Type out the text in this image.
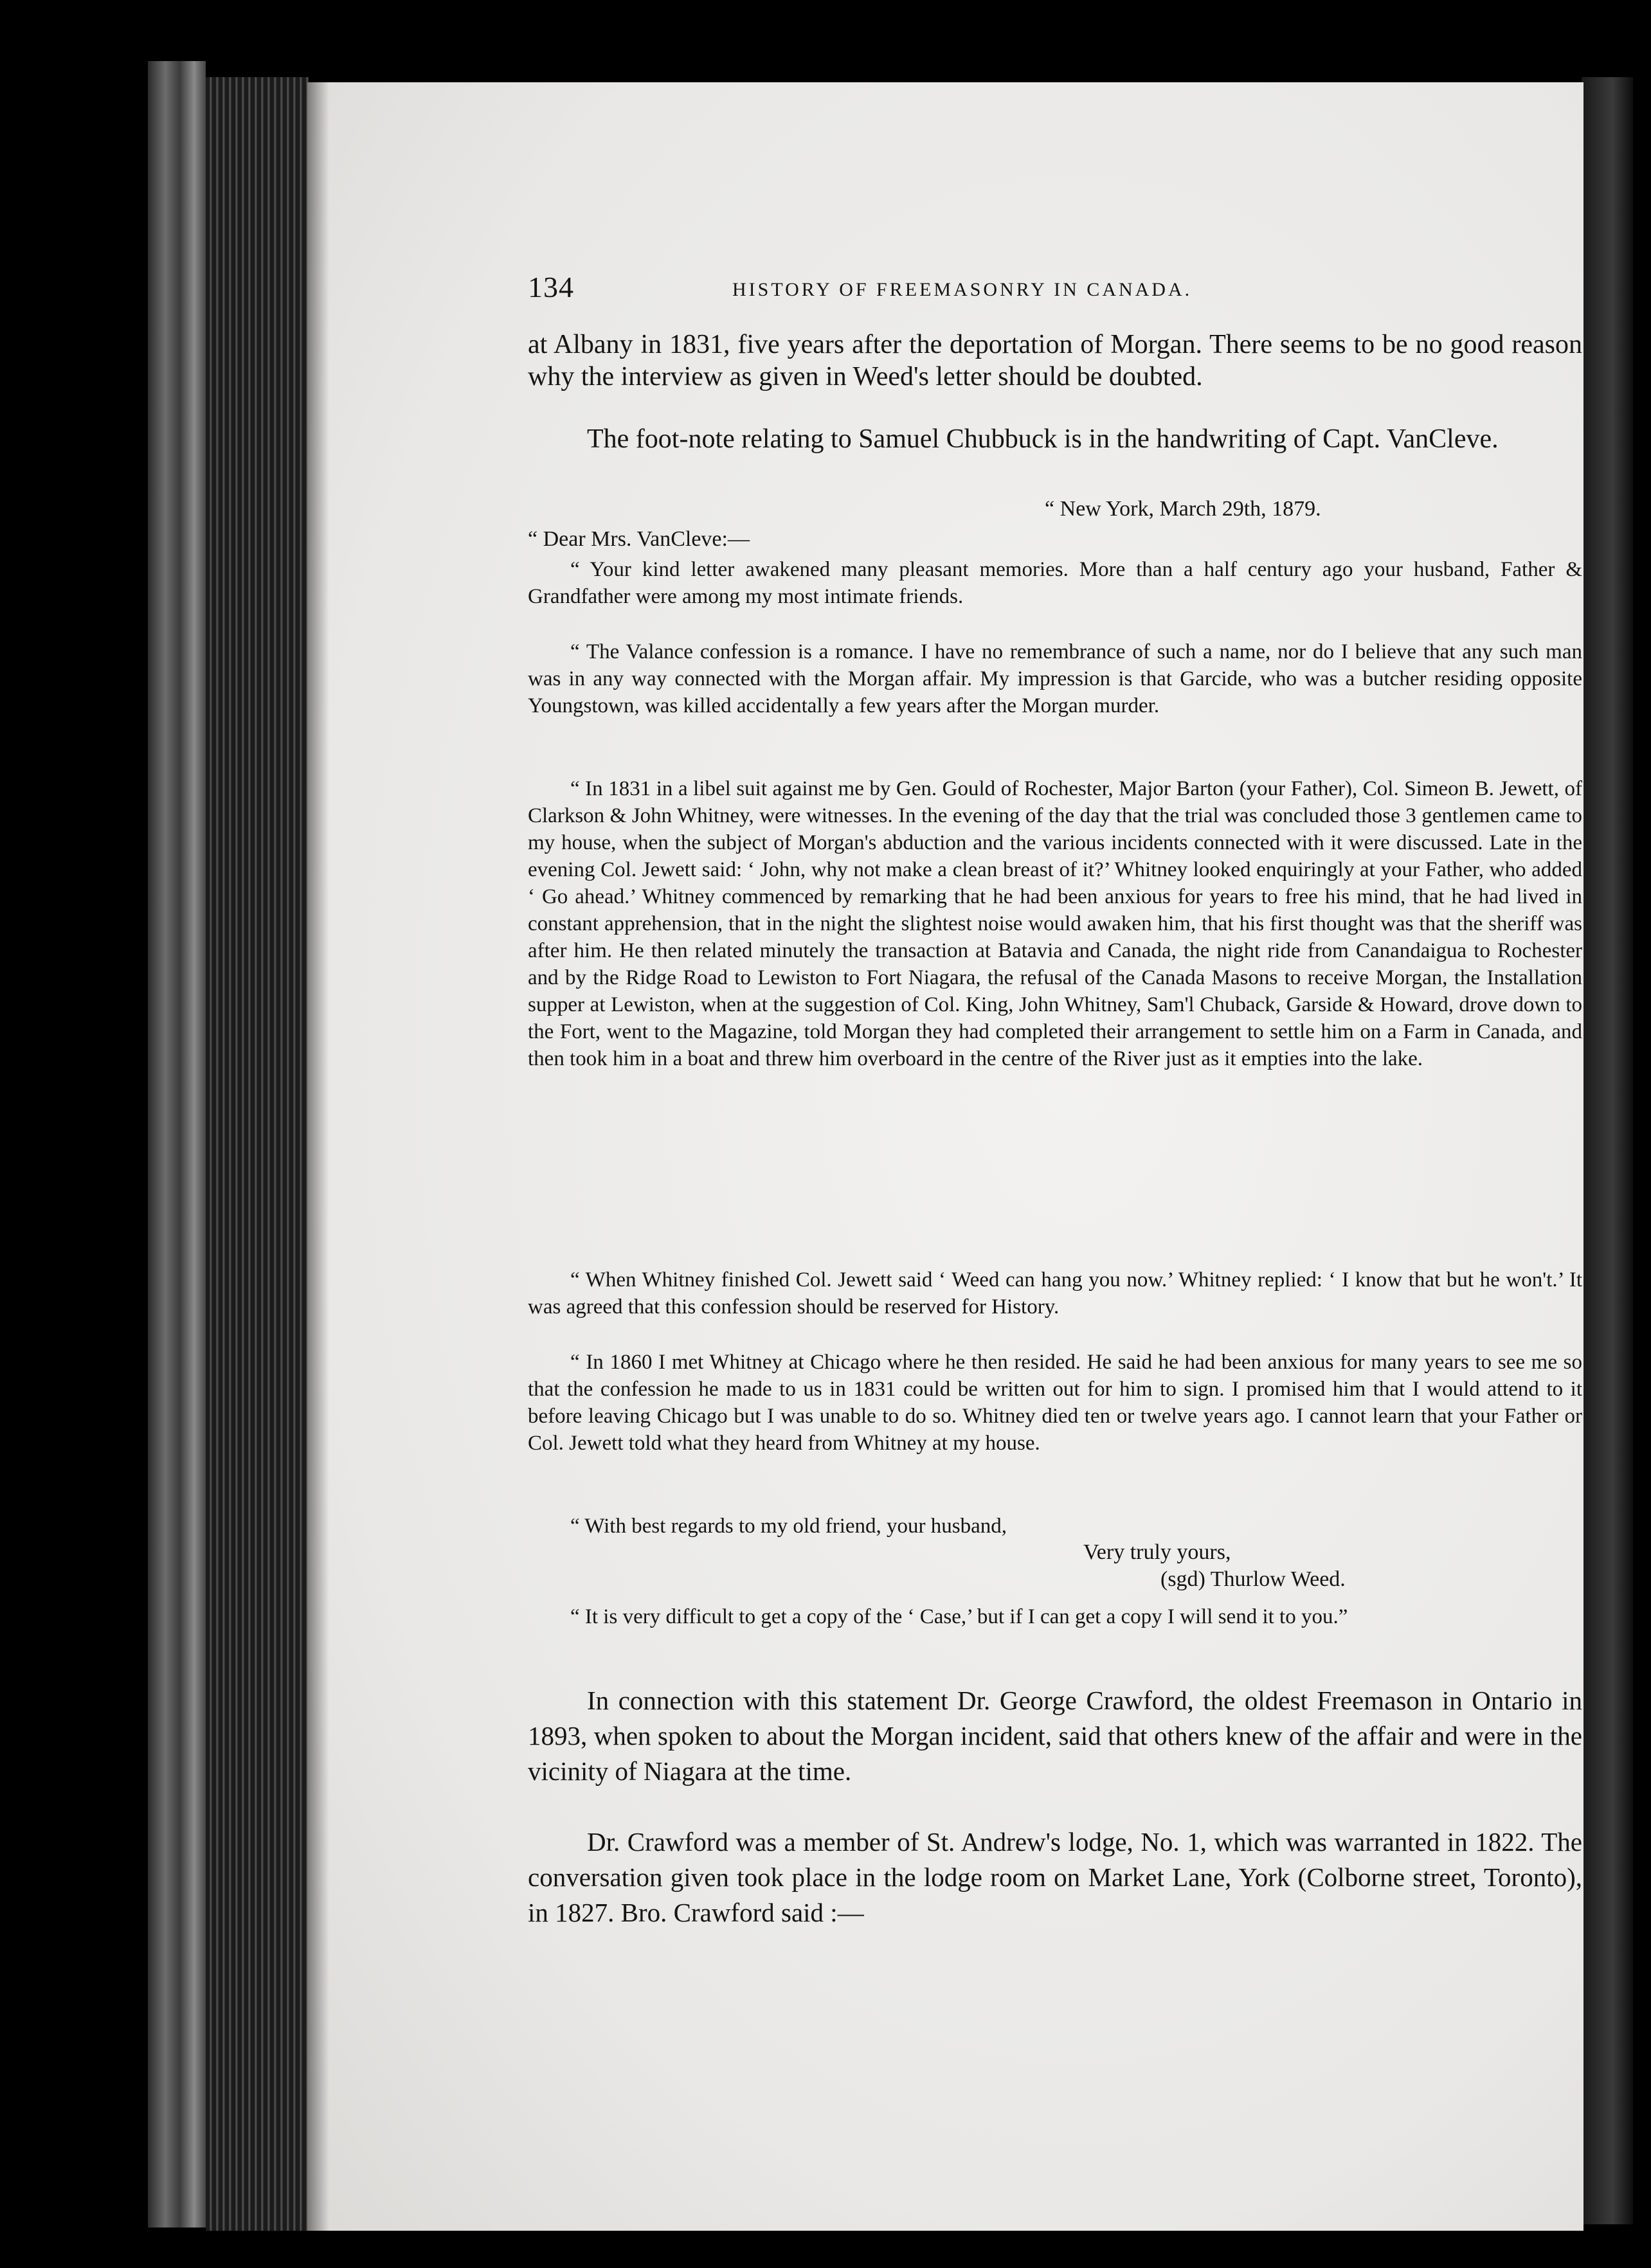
134	HISTORY OF FREEMASONRY IN CANADA.

at Albany in 1831, five years after the deportation of Morgan. There seems to be no good reason why the interview as given in Weed's letter should be doubted.

The foot-note relating to Samuel Chubbuck is in the handwriting of Capt. VanCleve.

“ New York, March 29th, 1879.

“ Dear Mrs. VanCleve:—

“ Your kind letter awakened many pleasant memories. More than a half century ago your husband, Father & Grandfather were among my most intimate friends.

“ The Valance confession is a romance. I have no remembrance of such a name, nor do I believe that any such man was in any way connected with the Morgan affair. My impression is that Garcide, who was a butcher residing opposite Youngstown, was killed accidentally a few years after the Morgan murder.

“ In 1831 in a libel suit against me by Gen. Gould of Rochester, Major Barton (your Father), Col. Simeon B. Jewett, of Clarkson & John Whitney, were witnesses. In the evening of the day that the trial was concluded those 3 gentlemen came to my house, when the subject of Morgan's abduction and the various incidents connected with it were discussed. Late in the evening Col. Jewett said: ‘ John, why not make a clean breast of it?’ Whitney looked enquiringly at your Father, who added ‘ Go ahead.’ Whitney commenced by remarking that he had been anxious for years to free his mind, that he had lived in constant apprehension, that in the night the slightest noise would awaken him, that his first thought was that the sheriff was after him. He then related minutely the transaction at Batavia and Canada, the night ride from Canandaigua to Rochester and by the Ridge Road to Lewiston to Fort Niagara, the refusal of the Canada Masons to receive Morgan, the Installation supper at Lewiston, when at the suggestion of Col. King, John Whitney, Sam'l Chuback, Garside & Howard, drove down to the Fort, went to the Magazine, told Morgan they had completed their arrangement to settle him on a Farm in Canada, and then took him in a boat and threw him overboard in the centre of the River just as it empties into the lake.

“ When Whitney finished Col. Jewett said ‘ Weed can hang you now.’ Whitney replied: ‘ I know that but he won't.’ It was agreed that this confession should be reserved for History.

“ In 1860 I met Whitney at Chicago where he then resided. He said he had been anxious for many years to see me so that the confession he made to us in 1831 could be written out for him to sign. I promised him that I would attend to it before leaving Chicago but I was unable to do so. Whitney died ten or twelve years ago. I cannot learn that your Father or Col. Jewett told what they heard from Whitney at my house.

“ With best regards to my old friend, your husband,

Very truly yours,
(sgd) Thurlow Weed.

“ It is very difficult to get a copy of the ‘ Case,’ but if I can get a copy I will send it to you.”

In connection with this statement Dr. George Crawford, the oldest Freemason in Ontario in 1893, when spoken to about the Morgan incident, said that others knew of the affair and were in the vicinity of Niagara at the time.

Dr. Crawford was a member of St. Andrew's lodge, No. 1, which was warranted in 1822. The conversation given took place in the lodge room on Market Lane, York (Colborne street, Toronto), in 1827. Bro. Crawford said :—
